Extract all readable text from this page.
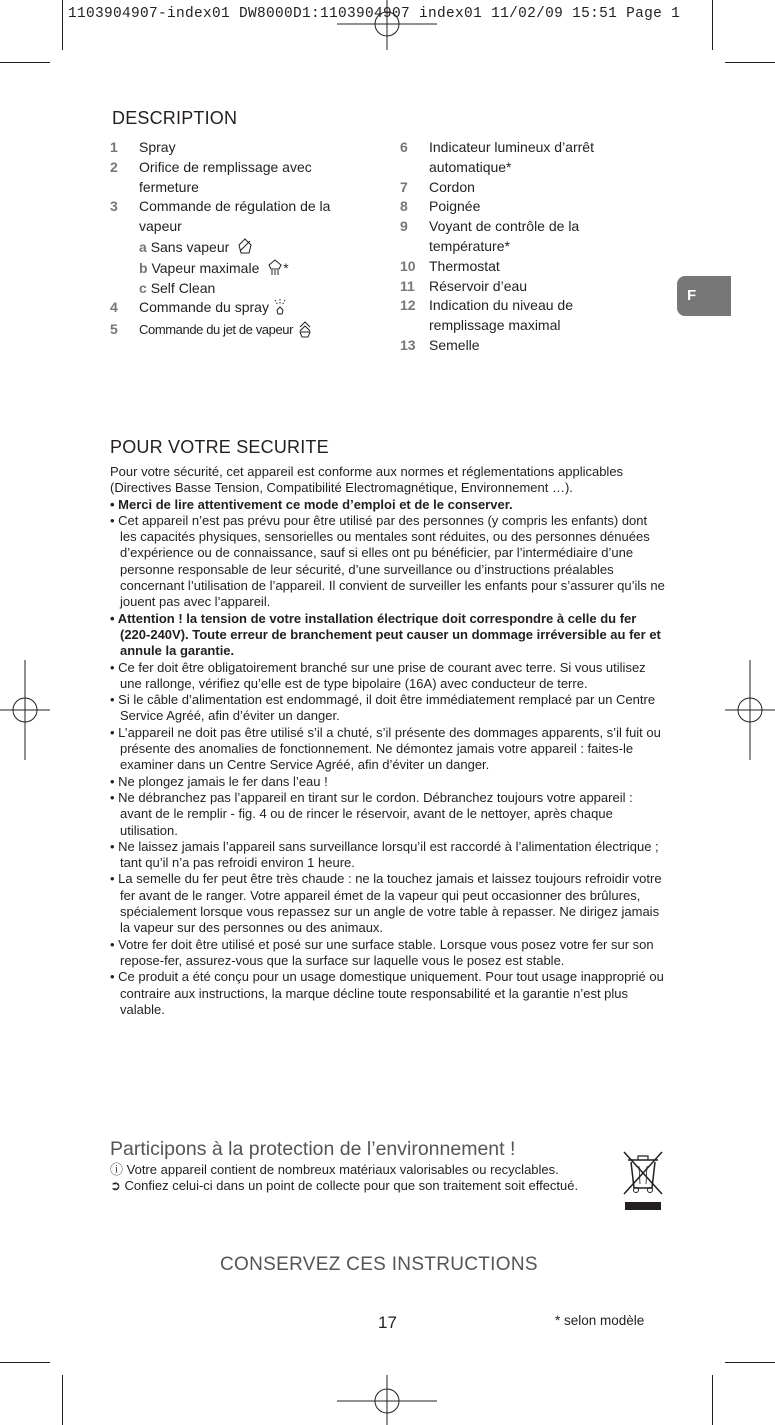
1103904907-index01 DW8000D1:1103904907 index01 11/02/09 15:51 Page 1
DESCRIPTION
1	Spray
2	Orifice de remplissage avec fermeture
3	Commande de régulation de la vapeur
a Sans vapeur
b Vapeur maximale *
c Self Clean
4	Commande du spray
5	Commande du jet de vapeur
6	Indicateur lumineux d’arrêt automatique*
7	Cordon
8	Poignée
9	Voyant de contrôle de la température*
10 Thermostat
11	Réservoir d’eau
12 Indication du niveau de remplissage maximal
13 Semelle
F
POUR VOTRE SECURITE

Pour votre sécurité, cet appareil est conforme aux normes et réglementations applicables (Directives Basse Tension, Compatibilité Electromagnétique, Environnement …).

• Merci de lire attentivement ce mode d’emploi et de le conserver.

• Cet appareil n’est pas prévu pour être utilisé par des personnes (y compris les enfants) dont les capacités physiques, sensorielles ou mentales sont réduites, ou des personnes dénuées d’expérience ou de connaissance, sauf si elles ont pu bénéficier, par l’intermédiaire d’une personne responsable de leur sécurité, d’une surveillance ou d’instructions préalables concernant l’utilisation de l’appareil. Il convient de surveiller les enfants pour s’assurer qu’ils ne jouent pas avec l’appareil.

• Attention ! la tension de votre installation électrique doit correspondre à celle du fer (220-240V). Toute erreur de branchement peut causer un dommage irréversible au fer et annule la garantie.

• Ce fer doit être obligatoirement branché sur une prise de courant avec terre. Si vous utilisez une rallonge, vérifiez qu’elle est de type bipolaire (16A) avec conducteur de terre.

• Si le câble d’alimentation est endommagé, il doit être immédiatement remplacé par un Centre Service Agréé, afin d’éviter un danger.

• L’appareil ne doit pas être utilisé s’il a chuté, s’il présente des dommages apparents, s’il fuit ou présente des anomalies de fonctionnement. Ne démontez jamais votre appareil : faites-le examiner dans un Centre Service Agréé, afin d’éviter un danger.

• Ne plongez jamais le fer dans l’eau !

• Ne débranchez pas l’appareil en tirant sur le cordon. Débranchez toujours votre appareil : avant de le remplir - fig. 4 ou de rincer le réservoir, avant de le nettoyer, après chaque utilisation.

• Ne laissez jamais l’appareil sans surveillance lorsqu’il est raccordé à l’alimentation électrique ; tant qu’il n’a pas refroidi environ 1 heure.

• La semelle du fer peut être très chaude : ne la touchez jamais et laissez toujours refroidir votre fer avant de le ranger. Votre appareil émet de la vapeur qui peut occasionner des brûlures, spécialement lorsque vous repassez sur un angle de votre table à repasser. Ne dirigez jamais la vapeur sur des personnes ou des animaux.

• Votre fer doit être utilisé et posé sur une surface stable. Lorsque vous posez votre fer sur son repose-fer, assurez-vous que la surface sur laquelle vous le posez est stable.

• Ce produit a été conçu pour un usage domestique uniquement. Pour tout usage inapproprié ou contraire aux instructions, la marque décline toute responsabilité et la garantie n’est plus valable.

Participons à la protection de l’environnement !

ⓘ Votre appareil contient de nombreux matériaux valorisables ou recyclables.

➲ Confiez celui-ci dans un point de collecte pour que son traitement soit effectué.

CONSERVEZ CES INSTRUCTIONS
17	* selon modèle
